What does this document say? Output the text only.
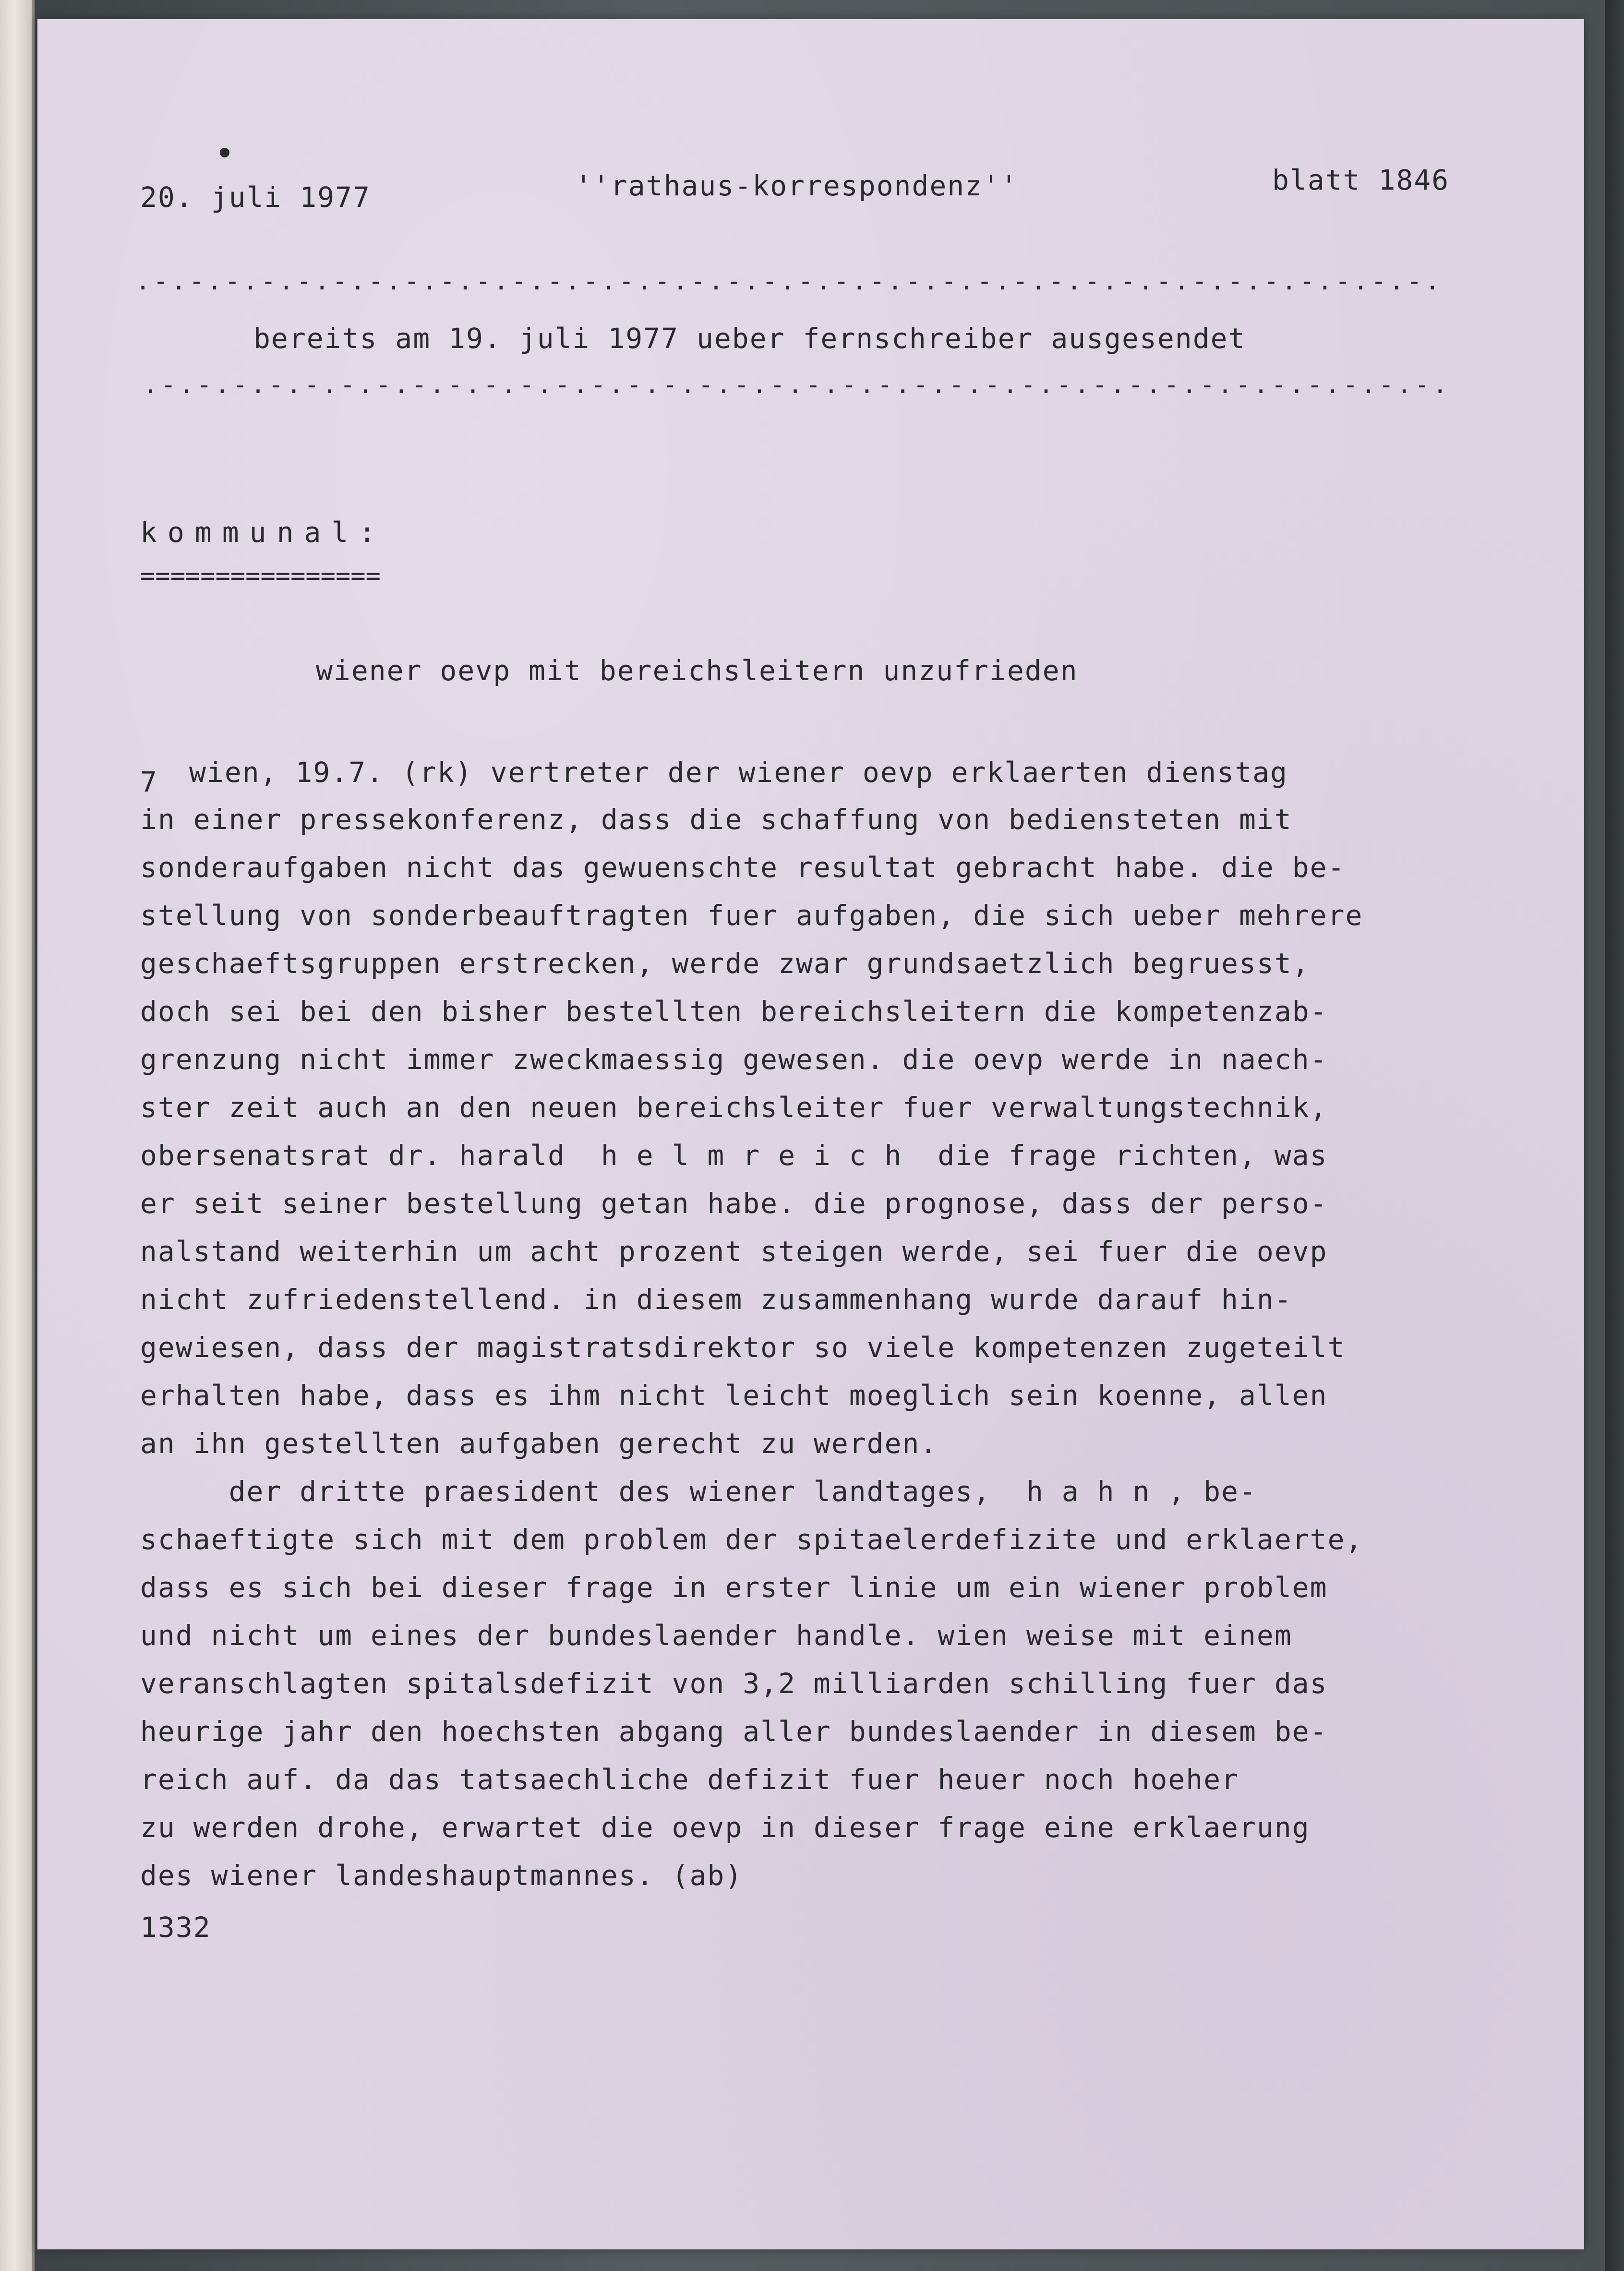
20. juli 1977	''rathaus-korrespondenz''	blatt 1846
.-.-.-.-.-.-.-.-.-.-.-.-.-.-.-.-.-.-.-.-.-.-.-.-.-.-.-.-.-.-.-.-.-.-.-.-.
bereits am 19. juli 1977 ueber fernschreiber ausgesendet
.-.-.-.-.-.-.-.-.-.-.-.-.-.-.-.-.-.-.-.-.-.-.-.-.-.-.-.-.-.-.-.-.-.-.-.-.
kommunal:
================
wiener oevp mit bereichsleitern unzufrieden
7 wien, 19.7. (rk) vertreter der wiener oevp erklaerten dienstag
in einer pressekonferenz, dass die schaffung von bediensteten mit
sonderaufgaben nicht das gewuenschte resultat gebracht habe. die be-
stellung von sonderbeauftragten fuer aufgaben, die sich ueber mehrere
geschaeftsgruppen erstrecken, werde zwar grundsaetzlich begruesst,
doch sei bei den bisher bestellten bereichsleitern die kompetenzab-
grenzung nicht immer zweckmaessig gewesen. die oevp werde in naech-
ster zeit auch an den neuen bereichsleiter fuer verwaltungstechnik,
obersenatsrat dr. harald  h e l m r e i c h  die frage richten, was
er seit seiner bestellung getan habe. die prognose, dass der perso-
nalstand weiterhin um acht prozent steigen werde, sei fuer die oevp
nicht zufriedenstellend. in diesem zusammenhang wurde darauf hin-
gewiesen, dass der magistratsdirektor so viele kompetenzen zugeteilt
erhalten habe, dass es ihm nicht leicht moeglich sein koenne, allen
an ihn gestellten aufgaben gerecht zu werden.
der dritte praesident des wiener landtages,  h a h n , be-
schaeftigte sich mit dem problem der spitaelerdefizite und erklaerte,
dass es sich bei dieser frage in erster linie um ein wiener problem
und nicht um eines der bundeslaender handle. wien weise mit einem
veranschlagten spitalsdefizit von 3,2 milliarden schilling fuer das
heurige jahr den hoechsten abgang aller bundeslaender in diesem be-
reich auf. da das tatsaechliche defizit fuer heuer noch hoeher
zu werden drohe, erwartet die oevp in dieser frage eine erklaerung
des wiener landeshauptmannes. (ab)
1332
